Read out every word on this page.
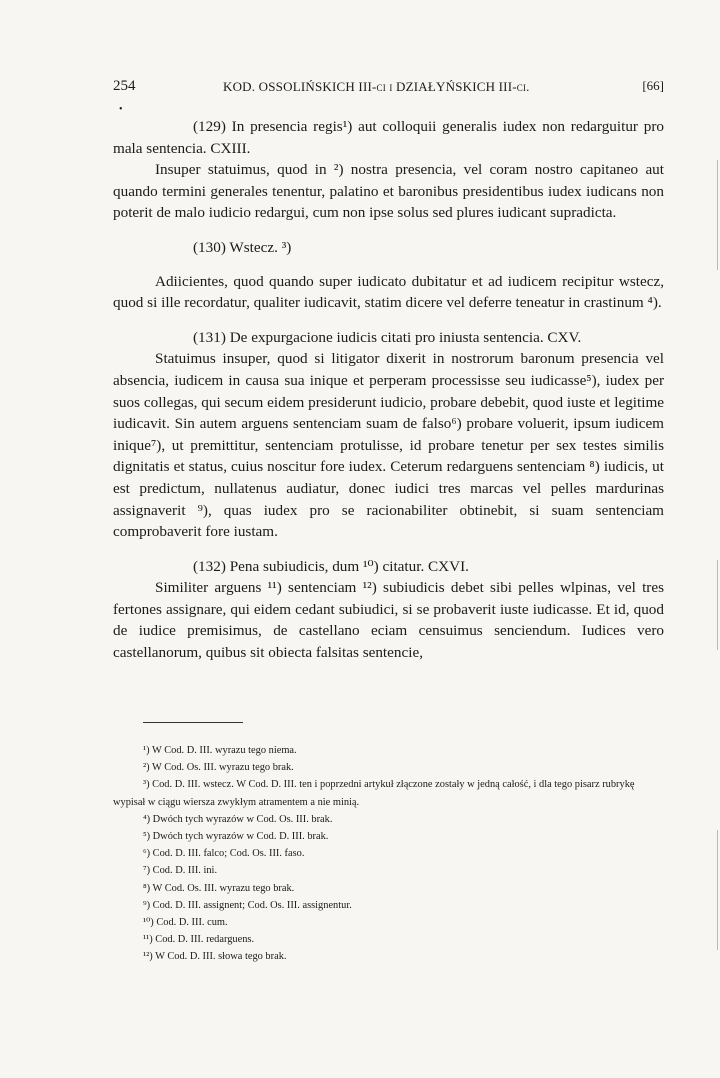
254	KOD. OSSOLIŃSKICH III-ci i DZIAŁYŃSKICH III-ci.	[66]
•

(129) In presencia regis¹) aut colloquii generalis iudex non redarguitur pro mala sentencia. CXIII.

Insuper statuimus, quod in ²) nostra presencia, vel coram nostro capitaneo aut quando termini generales tenentur, palatino et baronibus presidentibus iudex iudicans non poterit de malo iudicio redargui, cum non ipse solus sed plures iudicant supradicta.

(130) Wstecz. ³)

Adiicientes, quod quando super iudicato dubitatur et ad iudicem recipitur wstecz, quod si ille recordatur, qualiter iudicavit, statim dicere vel deferre teneatur in crastinum ⁴).

(131) De expurgacione iudicis citati pro iniusta sentencia. CXV.

Statuimus insuper, quod si litigator dixerit in nostrorum baronum presencia vel absencia, iudicem in causa sua inique et perperam processisse seu iudicasse⁵), iudex per suos collegas, qui secum eidem presiderunt iudicio, probare debebit, quod iuste et legitime iudicavit. Sin autem arguens sentenciam suam de falso⁶) probare voluerit, ipsum iudicem inique⁷), ut premittitur, sentenciam protulisse, id probare tenetur per sex testes similis dignitatis et status, cuius noscitur fore iudex. Ceterum redarguens sentenciam ⁸) iudicis, ut est predictum, nullatenus audiatur, donec iudici tres marcas vel pelles mardurinas assignaverit ⁹), quas iudex pro se racionabiliter obtinebit, si suam sentenciam comprobaverit fore iustam.

(132) Pena subiudicis, dum ¹⁰) citatur. CXVI.

Similiter arguens ¹¹) sentenciam ¹²) subiudicis debet sibi pelles wlpinas, vel tres fertones assignare, qui eidem cedant subiudici, si se probaverit iuste iudicasse. Et id, quod de iudice premisimus, de castellano eciam censuimus senciendum. Iudices vero castellanorum, quibus sit obiecta falsitas sentencie,

¹) W Cod. D. III. wyrazu tego niema.
²) W Cod. Os. III. wyrazu tego brak.
³) Cod. D. III. wstecz. W Cod. D. III. ten i poprzedni artykuł złączone zostały w jedną całość, i dla tego pisarz rubrykę wypisał w ciągu wiersza zwykłym atramentem a nie minią.
⁴) Dwóch tych wyrazów w Cod. Os. III. brak.
⁵) Dwóch tych wyrazów w Cod. D. III. brak.
⁶) Cod. D. III. falco; Cod. Os. III. faso.
⁷) Cod. D. III. ini.
⁸) W Cod. Os. III. wyrazu tego brak.
⁹) Cod. D. III. assignent; Cod. Os. III. assignentur.
¹⁰) Cod. D. III. cum.
¹¹) Cod. D. III. redarguens.
¹²) W Cod. D. III. słowa tego brak.
